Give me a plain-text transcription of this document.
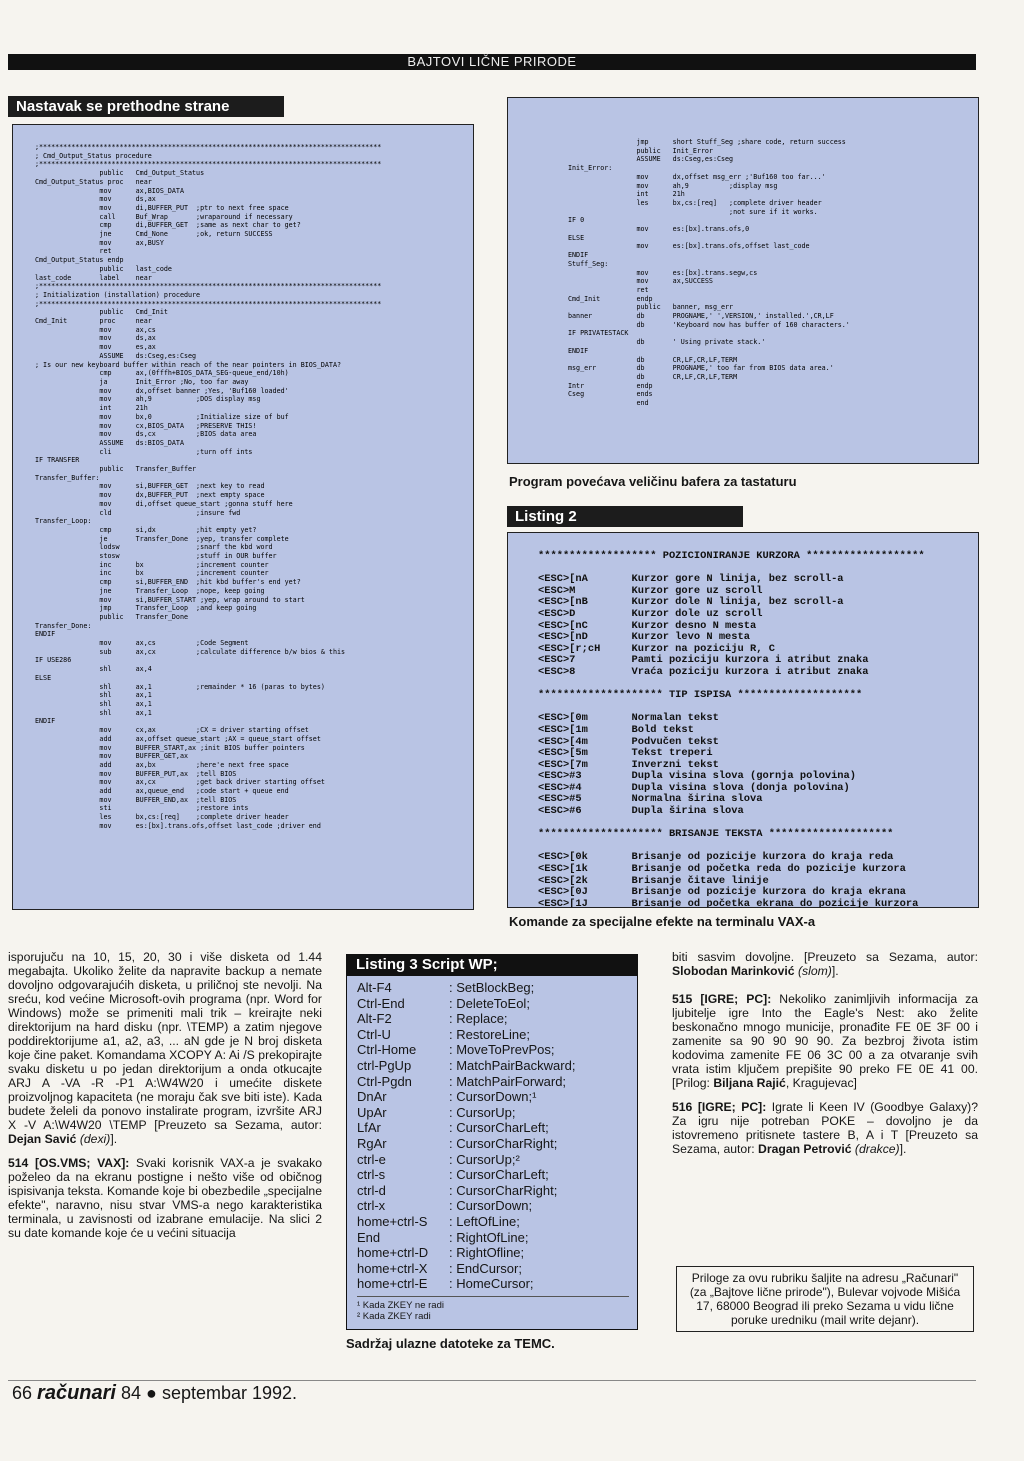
BAJTOVI LIČNE PRIRODE
Nastavak se prethodne strane
;*************************************************************************************
; Cmd_Output_Status procedure
;*************************************************************************************
public   Cmd_Output_Status
Cmd_Output_Status proc   near
mov      ax,BIOS_DATA
mov      ds,ax
mov      di,BUFFER_PUT  ;ptr to next free space
call     Buf_Wrap       ;wraparound if necessary
cmp      di,BUFFER_GET  ;same as next char to get?
jne      Cmd_None       ;ok, return SUCCESS
mov      ax,BUSY
ret
Cmd_Output_Status endp
public   last_code
last_code       label    near
;*************************************************************************************
; Initialization (installation) procedure
;*************************************************************************************
public   Cmd_Init
Cmd_Init        proc     near
mov      ax,cs
mov      ds,ax
mov      es,ax
ASSUME   ds:Cseg,es:Cseg
; Is our new keyboard buffer within reach of the near pointers in BIOS_DATA?
cmp      ax,(0fffh+BIOS_DATA_SEG-queue_end/10h)
ja       Init_Error ;No, too far away
mov      dx,offset banner ;Yes, 'Buf160 loaded'
mov      ah,9           ;DOS display msg
int      21h
mov      bx,0           ;Initialize size of buf
mov      cx,BIOS_DATA   ;PRESERVE THIS!
mov      ds,cx          ;BIOS data area
ASSUME   ds:BIOS_DATA
cli                     ;turn off ints
IF TRANSFER
public   Transfer_Buffer
Transfer_Buffer:
mov      si,BUFFER_GET  ;next key to read
mov      dx,BUFFER_PUT  ;next empty space
mov      di,offset queue_start ;gonna stuff here
cld                     ;insure fwd
Transfer_Loop:
cmp      si,dx          ;hit empty yet?
je       Transfer_Done  ;yep, transfer complete
lodsw                   ;snarf the kbd word
stosw                   ;stuff in OUR buffer
inc      bx             ;increment counter
inc      bx             ;increment counter
cmp      si,BUFFER_END  ;hit kbd buffer's end yet?
jne      Transfer_Loop  ;nope, keep going
mov      si,BUFFER_START ;yep, wrap around to start
jmp      Transfer_Loop  ;and keep going
public   Transfer_Done
Transfer_Done:
ENDIF
mov      ax,cs          ;Code Segment
sub      ax,cx          ;calculate difference b/w bios & this
IF USE286
shl      ax,4
ELSE
shl      ax,1           ;remainder * 16 (paras to bytes)
shl      ax,1
shl      ax,1
shl      ax,1
ENDIF
mov      cx,ax          ;CX = driver starting offset
add      ax,offset queue_start ;AX = queue_start offset
mov      BUFFER_START,ax ;init BIOS buffer pointers
mov      BUFFER_GET,ax
add      ax,bx          ;here'e next free space
mov      BUFFER_PUT,ax  ;tell BIOS
mov      ax,cx          ;get back driver starting offset
add      ax,queue_end   ;code start + queue end
mov      BUFFER_END,ax  ;tell BIOS
sti                     ;restore ints
les      bx,cs:[req]    ;complete driver header
mov      es:[bx].trans.ofs,offset last_code ;driver end
jmp      short Stuff_Seg ;share code, return success
public   Init_Error
ASSUME   ds:Cseg,es:Cseg
Init_Error:
mov      dx,offset msg_err ;'Buf160 too far...'
mov      ah,9          ;display msg
int      21h
les      bx,cs:[req]   ;complete driver header
;not sure if it works.
IF 0
mov      es:[bx].trans.ofs,0
ELSE
mov      es:[bx].trans.ofs,offset last_code
ENDIF
Stuff_Seg:
mov      es:[bx].trans.segw,cs
mov      ax,SUCCESS
ret
Cmd_Init         endp
public   banner, msg_err
banner           db       PROGNAME,' ',VERSION,' installed.',CR,LF
db       'Keyboard now has buffer of 160 characters.'
IF PRIVATESTACK
db       ' Using private stack.'
ENDIF
db       CR,LF,CR,LF,TERM
msg_err          db       PROGNAME,' too far from BIOS data area.'
db       CR,LF,CR,LF,TERM
Intr             endp
Cseg             ends
end
Program povećava veličinu bafera za tastaturu
Listing 2
******************* POZICIONIRANJE KURZORA *******************

<ESC>[nA       Kurzor gore N linija, bez scroll-a
<ESC>M         Kurzor gore uz scroll
<ESC>[nB       Kurzor dole N linija, bez scroll-a
<ESC>D         Kurzor dole uz scroll
<ESC>[nC       Kurzor desno N mesta
<ESC>[nD       Kurzor levo N mesta
<ESC>[r;cH     Kurzor na poziciju R, C
<ESC>7         Pamti poziciju kurzora i atribut znaka
<ESC>8         Vraća poziciju kurzora i atribut znaka

******************** TIP ISPISA ********************

<ESC>[0m       Normalan tekst
<ESC>[1m       Bold tekst
<ESC>[4m       Podvučen tekst
<ESC>[5m       Tekst treperi
<ESC>[7m       Inverzni tekst
<ESC>#3        Dupla visina slova (gornja polovina)
<ESC>#4        Dupla visina slova (donja polovina)
<ESC>#5        Normalna širina slova
<ESC>#6        Dupla širina slova

******************** BRISANJE TEKSTA ********************

<ESC>[0k       Brisanje od pozicije kurzora do kraja reda
<ESC>[1k       Brisanje od početka reda do pozicije kurzora
<ESC>[2k       Brisanje čitave linije
<ESC>[0J       Brisanje od pozicije kurzora do kraja ekrana
<ESC>[1J       Brisanje od početka ekrana do pozicije kurzora

Komande za specijalne efekte na terminalu VAX-a

isporujuču na 10, 15, 20, 30 i više disketa od 1.44 megabajta. Ukoliko želite da napravite backup a nemate dovoljno odgovarajućih disketa, u priličnoj ste nevolji. Na sreću, kod većine Microsoft-ovih programa (npr. Word for Windows) može se primeniti mali trik – kreirajte neki direktorijum na hard disku (npr. \TEMP) a zatim njegove poddirektorijume a1, a2, a3, ... aN gde je N broj disketa koje čine paket. Komandama XCOPY A: Ai /S prekopirajte svaku disketu u po jedan direktorijum a onda otkucajte ARJ A -VA -R -P1 A:\W4W20 i umećite diskete proizvoljnog kapaciteta (ne moraju čak sve biti iste). Kada budete želeli da ponovo instalirate program, izvršite ARJ X -V A:\W4W20 \TEMP [Preuzeto sa Sezama, autor: Dejan Savić (dexi)].

514 [OS.VMS; VAX]: Svaki korisnik VAX-a je svakako poželeo da na ekranu postigne i nešto više od običnog ispisivanja teksta. Komande koje bi obezbedile „specijalne efekte", naravno, nisu stvar VMS-a nego karakteristika terminala, u zavisnosti od izabrane emulacije. Na slici 2 su date komande koje će u većini situacija

Listing 3 Script WP;
Alt-F4	: SetBlockBeg;
Ctrl-End	: DeleteToEol;
Alt-F2	: Replace;
Ctrl-U	: RestoreLine;
Ctrl-Home	: MoveToPrevPos;
ctrl-PgUp	: MatchPairBackward;
Ctrl-Pgdn	: MatchPairForward;
DnAr	: CursorDown;¹
UpAr	: CursorUp;
LfAr	: CursorCharLeft;
RgAr	: CursorCharRight;
ctrl-e	: CursorUp;²
ctrl-s	: CursorCharLeft;
ctrl-d	: CursorCharRight;
ctrl-x	: CursorDown;
home+ctrl-S	: LeftOfLine;
End	: RightOfLine;
home+ctrl-D	: RightOfline;
home+ctrl-X	: EndCursor;
home+ctrl-E	: HomeCursor;
¹ Kada ZKEY ne radi
² Kada ZKEY radi
Sadržaj ulazne datoteke za TEMC.

biti sasvim dovoljne. [Preuzeto sa Sezama, autor: Slobodan Marinković (slom)].

515 [IGRE; PC]: Nekoliko zanimljivih informacija za ljubitelje igre Into the Eagle's Nest: ako želite beskonačno mnogo municije, pronađite FE 0E 3F 00 i zamenite sa 90 90 90 90. Za bezbroj života istim kodovima zamenite FE 06 3C 00 a za otvaranje svih vrata istim ključem prepišite 90 preko FE 0E 41 00. [Prilog: Biljana Rajić, Kragujevac]

516 [IGRE; PC]: Igrate li Keen IV (Goodbye Galaxy)? Za igru nije potreban POKE – dovoljno je da istovremeno pritisnete tastere B, A i T [Preuzeto sa Sezama, autor: Dragan Petrović (drakce)].

Priloge za ovu rubriku šaljite na adresu „Računari" (za „Bajtove lične prirode"), Bulevar vojvode Mišića 17, 68000 Beograd ili preko Sezama u vidu lične poruke uredniku (mail write dejanr).
66 računari 84 ● septembar 1992.
